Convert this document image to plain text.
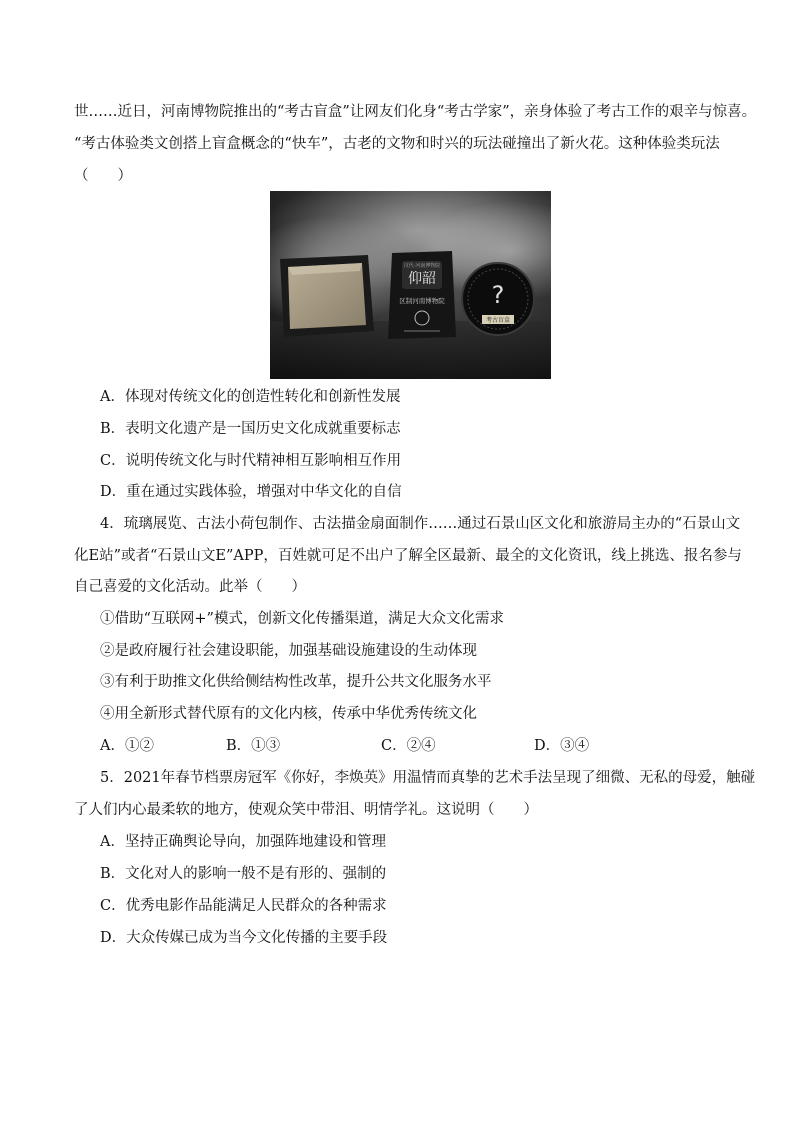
世……近日，河南博物院推出的“考古盲盒”让网友们化身“考古学家”，亲身体验了考古工作的艰辛与惊喜。
“考古体验类文创搭上盲盒概念的“快车”，古老的文物和时兴的玩法碰撞出了新火花。这种体验类玩法
（　　）
汉代·河南博物院
仰韶
区制河南博物院 ?
考古盲盒
A．体现对传统文化的创造性转化和创新性发展
B．表明文化遗产是一国历史文化成就重要标志
C．说明传统文化与时代精神相互影响相互作用
D．重在通过实践体验，增强对中华文化的自信
4．琉璃展览、古法小荷包制作、古法描金扇面制作……通过石景山区文化和旅游局主办的“石景山文
化E站”或者“石景山文E”APP，百姓就可足不出户了解全区最新、最全的文化资讯，线上挑选、报名参与
自己喜爱的文化活动。此举（　　）
①借助“互联网+”模式，创新文化传播渠道，满足大众文化需求
②是政府履行社会建设职能，加强基础设施建设的生动体现
③有利于助推文化供给侧结构性改革，提升公共文化服务水平
④用全新形式替代原有的文化内核，传承中华优秀传统文化
A．①②	B．①③	C．②④	D．③④
5．2021年春节档票房冠军《你好，李焕英》用温情而真挚的艺术手法呈现了细微、无私的母爱，触碰
了人们内心最柔软的地方，使观众笑中带泪、明情学礼。这说明（　　）
A．坚持正确舆论导向，加强阵地建设和管理
B．文化对人的影响一般不是有形的、强制的
C．优秀电影作品能满足人民群众的各种需求
D．大众传媒已成为当今文化传播的主要手段
